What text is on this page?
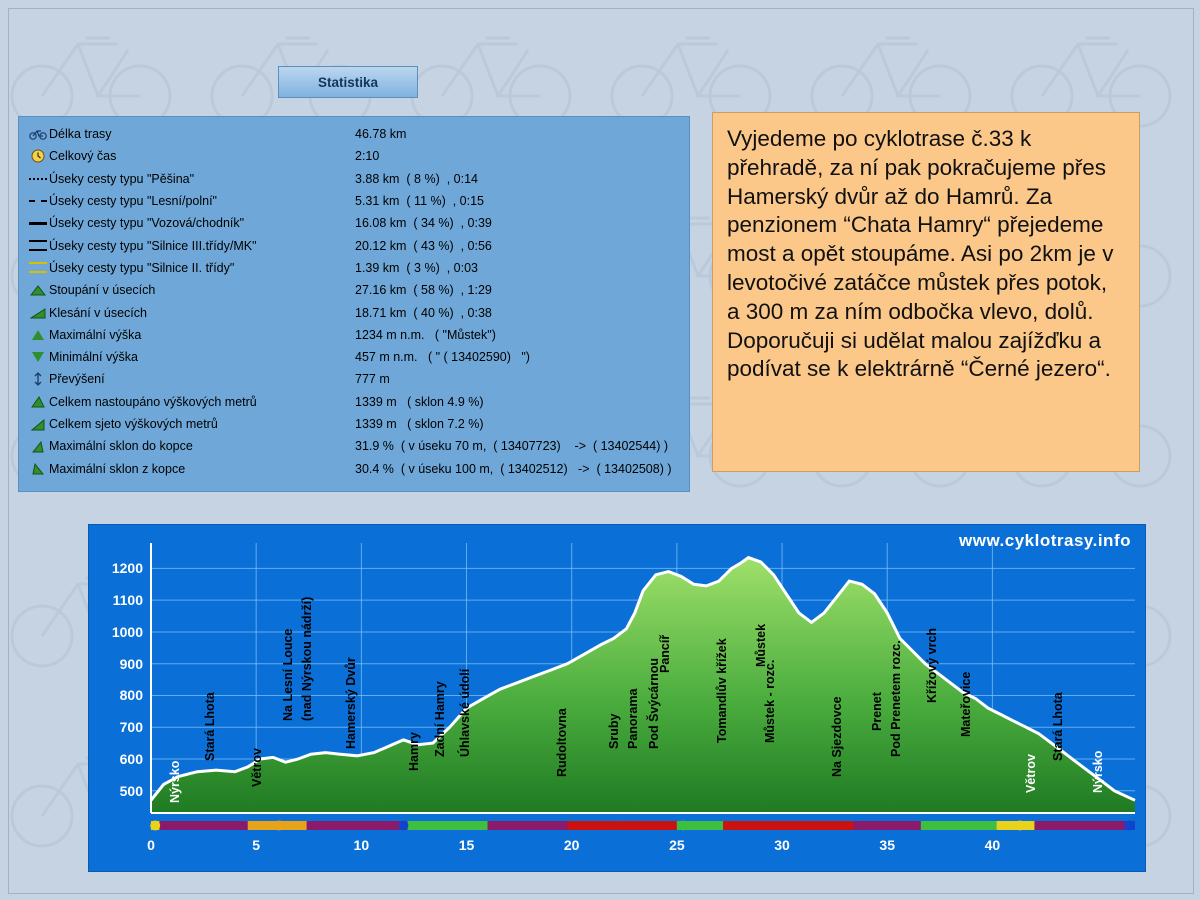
Statistika
Délka trasy	46.78 km
Celkový čas	2:10
Úseky cesty typu "Pěšina"	3.88 km  ( 8 %)  , 0:14
Úseky cesty typu "Lesní/polní"	5.31 km  ( 11 %)  , 0:15
Úseky cesty typu "Vozová/chodník"	16.08 km  ( 34 %)  , 0:39
Úseky cesty typu "Silnice III.třídy/MK"	20.12 km  ( 43 %)  , 0:56
Úseky cesty typu "Silnice II. třídy"	1.39 km  ( 3 %)  , 0:03
Stoupání v úsecích	27.16 km  ( 58 %)  , 1:29
Klesání v úsecích	18.71 km  ( 40 %)  , 0:38
Maximální výška	1234 m n.m.   ( "Můstek")
Minimální výška	457 m n.m.   ( " ( 13402590)   ")
Převýšení	777 m
Celkem nastoupáno výškových metrů	1339 m   ( sklon 4.9 %)
Celkem sjeto výškových metrů	1339 m   ( sklon 7.2 %)
Maximální sklon do kopce	31.9 %  ( v úseku 70 m,  ( 13407723)    ->  ( 13402544) )
Maximální sklon z kopce	30.4 %  ( v úseku 100 m,  ( 13402512)   ->  ( 13402508) )
Vyjedeme po cyklotrase č.33 k přehradě, za ní pak pokračujeme přes Hamerský dvůr až do Hamrů. Za penzionem “Chata Hamry“ přejedeme most a opět stoupáme. Asi po 2km je v levotočivé zatáčce můstek přes potok, a 300 m za ním odbočka vlevo, dolů. Doporučuji si udělat malou zajížďku a podívat se k elektrárně “Černé jezero“.
www.cyklotrasy.info
500
600
700
800
900
1000
1100
1200
0	5	10	15	20	25	30	35	40
Nýrsko
Stará Lhota
Větrov
Na Lesní Louce (nad Nýrskou nádrží) Hamerský Dvůr
Hamry Zadní Hamry Úhlavské údolí	Rudoltovna	Sruby Panorama Pod Švýcárnou
Pancíř	Tomandlův křížek Můstek
Můstek - rozc.	Na Sjezdovce Prenet Pod Prenetem rozc. Křížový vrch
Mateřovice
Větrov
Stará Lhota
Nýrsko
